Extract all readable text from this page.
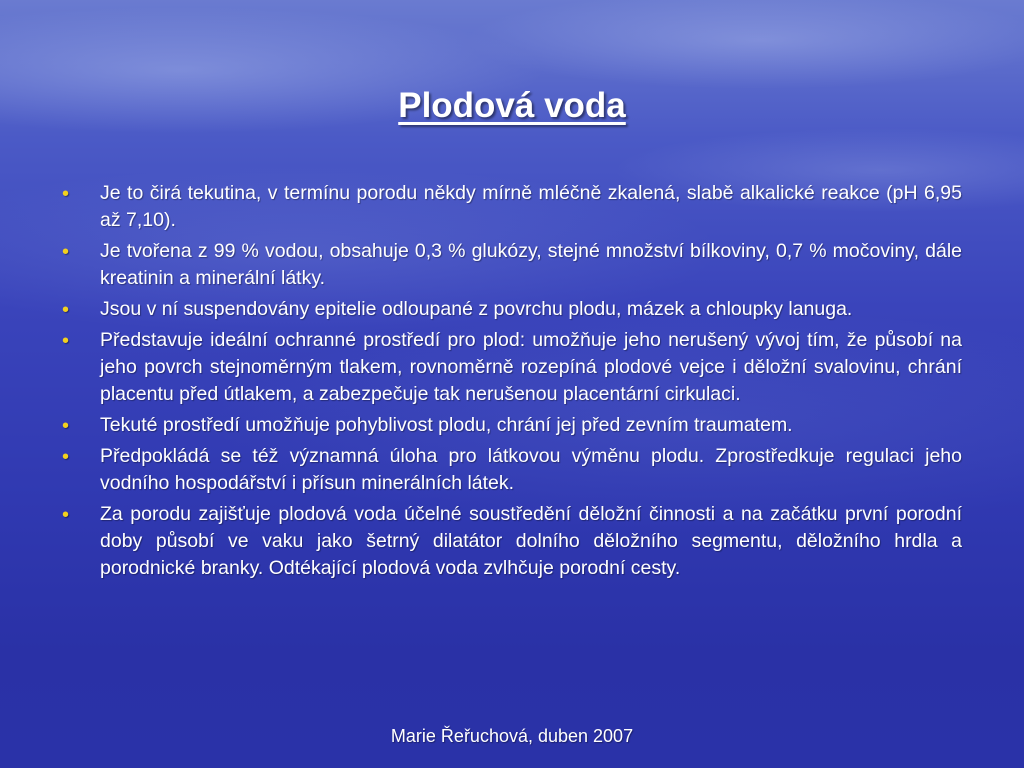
Plodová voda
• Je to čirá tekutina, v termínu porodu někdy mírně mléčně zkalená, slabě alkalické reakce (pH 6,95 až 7,10).
• Je tvořena z 99 % vodou, obsahuje 0,3 % glukózy, stejné množství bílkoviny, 0,7 % močoviny, dále kreatinin a minerální látky.
• Jsou v ní suspendovány epitelie odloupané z povrchu plodu, mázek a chloupky lanuga.
• Představuje ideální ochranné prostředí pro plod: umožňuje jeho nerušený vývoj tím, že působí na jeho povrch stejnoměrným tlakem, rovnoměrně rozepíná plodové vejce i děložní svalovinu, chrání placentu před útlakem, a zabezpečuje tak nerušenou placentární cirkulaci.
• Tekuté prostředí umožňuje pohyblivost plodu, chrání jej před zevním traumatem.
• Předpokládá se též významná úloha pro látkovou výměnu plodu. Zprostředkuje regulaci jeho vodního hospodářství i přísun minerálních látek.
• Za porodu zajišťuje plodová voda účelné soustředění děložní činnosti a na začátku první porodní doby působí ve vaku jako šetrný dilatátor dolního děložního segmentu, děložního hrdla a porodnické branky. Odtékající plodová voda zvlhčuje porodní cesty.
Marie Řeřuchová, duben 2007
